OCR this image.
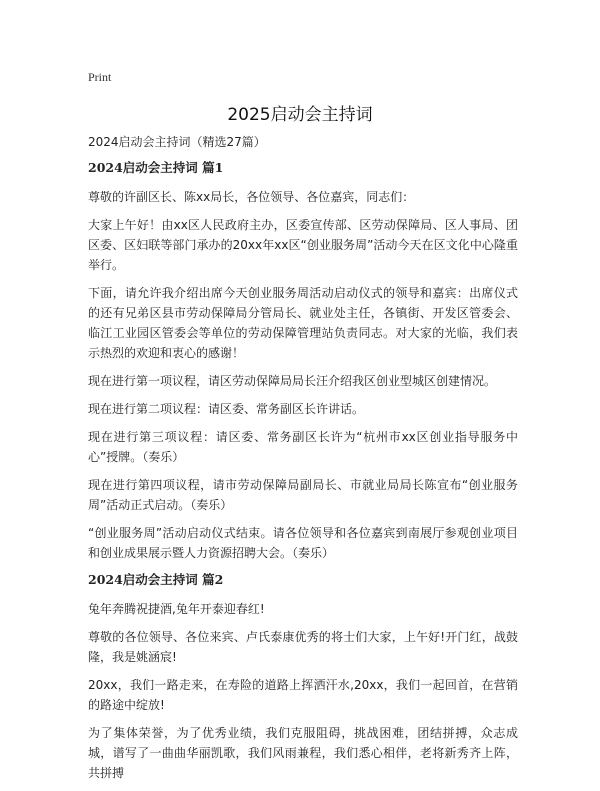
Print
2025启动会主持词
2024启动会主持词（精选27篇）
2024启动会主持词 篇1
尊敬的许副区长、陈xx局长，各位领导、各位嘉宾，同志们：
大家上午好！由xx区人民政府主办，区委宣传部、区劳动保障局、区人事局、团区委、区妇联等部门承办的20xx年xx区“创业服务周”活动今天在区文化中心隆重举行。
下面，请允许我介绍出席今天创业服务周活动启动仪式的领导和嘉宾：出席仪式的还有兄弟区县市劳动保障局分管局长、就业处主任，各镇街、开发区管委会、临江工业园区管委会等单位的劳动保障管理站负责同志。对大家的光临，我们表示热烈的欢迎和衷心的感谢！
现在进行第一项议程，请区劳动保障局局长汪介绍我区创业型城区创建情况。
现在进行第二项议程：请区委、常务副区长许讲话。
现在进行第三项议程：请区委、常务副区长许为“杭州市xx区创业指导服务中心”授牌。（奏乐）
现在进行第四项议程，请市劳动保障局副局长、市就业局局长陈宣布“创业服务周”活动正式启动。（奏乐）
“创业服务周”活动启动仪式结束。请各位领导和各位嘉宾到南展厅参观创业项目和创业成果展示暨人力资源招聘大会。（奏乐）
2024启动会主持词 篇2
兔年奔腾祝捷酒,兔年开泰迎春红!
尊敬的各位领导、各位来宾、卢氏泰康优秀的将士们大家，上午好!开门红，战鼓隆，我是姚涵宸!
20xx，我们一路走来，在寿险的道路上挥洒汗水,20xx，我们一起回首，在营销的路途中绽放!
为了集体荣誉，为了优秀业绩，我们克服阻碍，挑战困难，团结拼搏，众志成城，谱写了一曲曲华丽凯歌，我们风雨兼程，我们悉心相伴，老将新秀齐上阵，共拼搏
